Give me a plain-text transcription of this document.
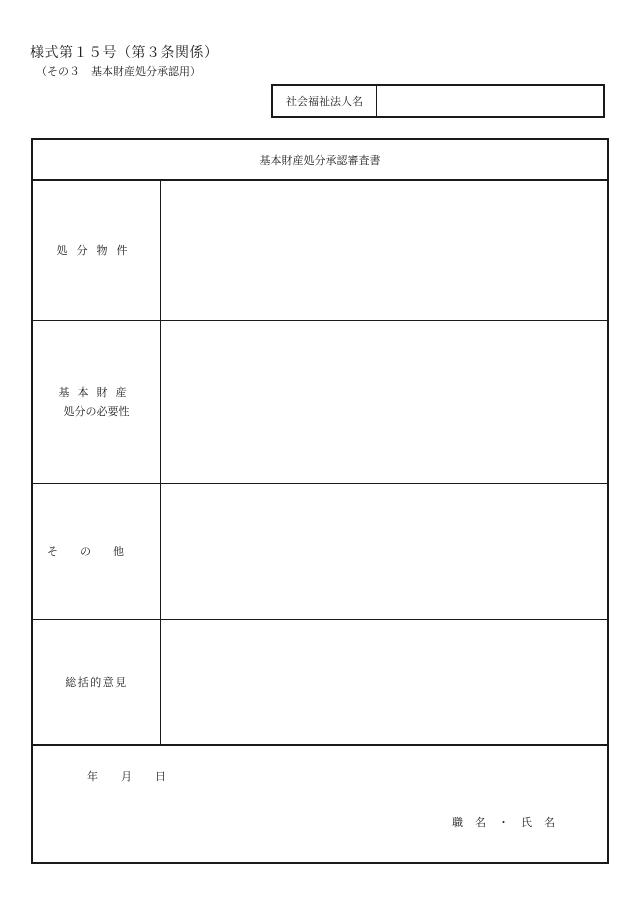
様式第１５号（第３条関係）
（その３　基本財産処分承認用）
社会福祉法人名
基本財産処分承認審査書
処分物件
基本財産
処分の必要性
その他
総括的意見
年	月	日
職名・氏名
